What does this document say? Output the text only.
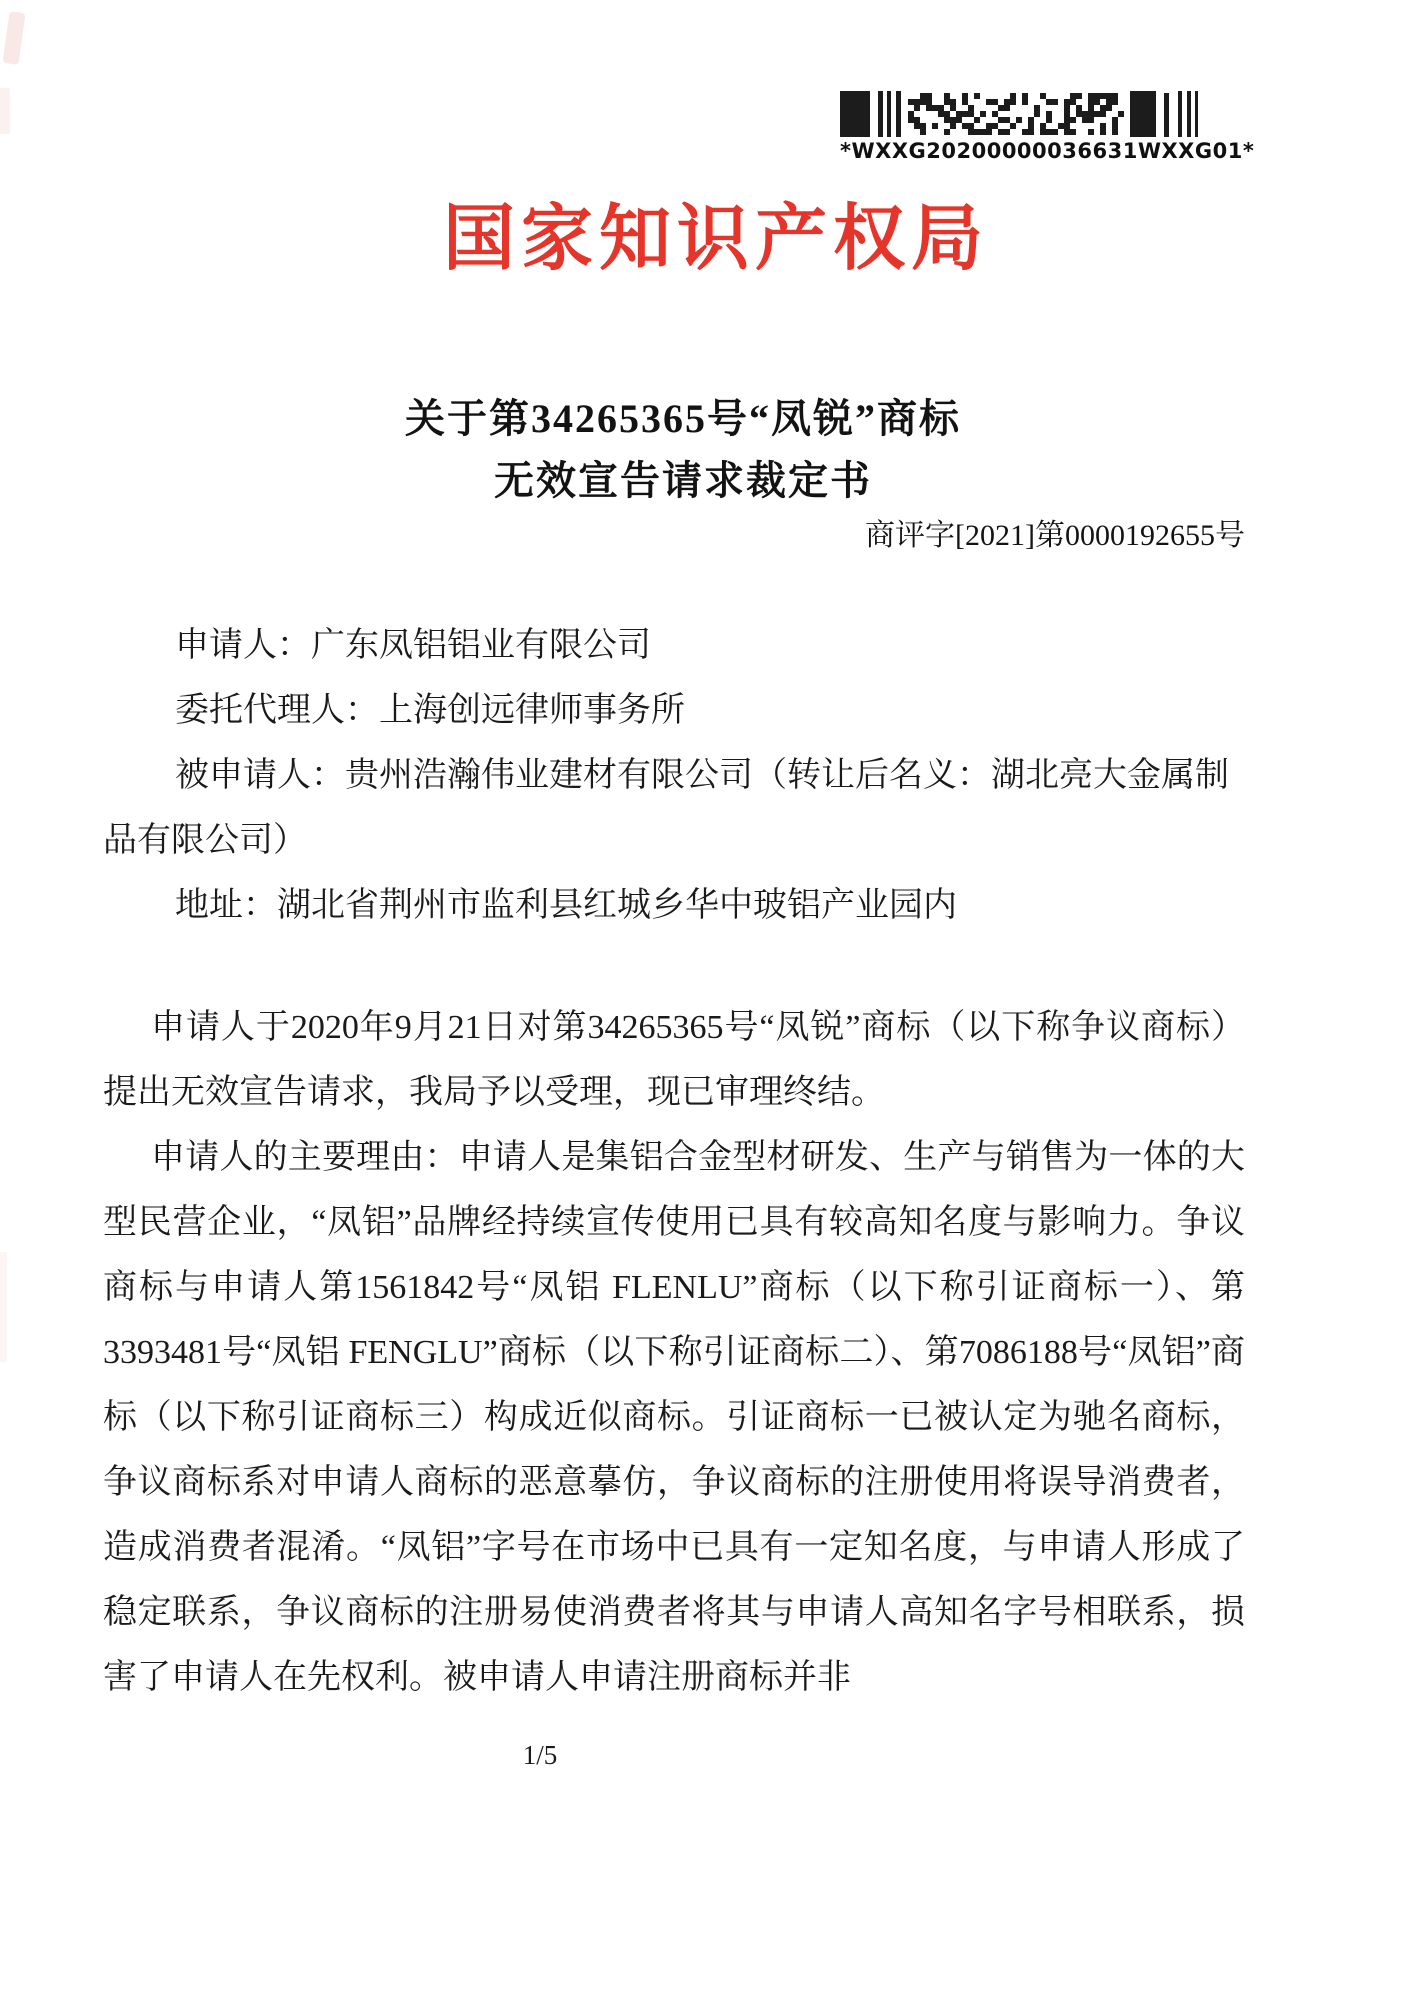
*WXXG20200000036631WXXG01*
国家知识产权局
关于第34265365号“凤锐”商标
无效宣告请求裁定书
商评字[2021]第0000192655号
申请人：广东凤铝铝业有限公司
委托代理人：上海创远律师事务所
被申请人：贵州浩瀚伟业建材有限公司（转让后名义：湖北亮大金属制品有限公司）
地址：湖北省荆州市监利县红城乡华中玻铝产业园内

申请人于2020年9月21日对第34265365号“凤锐”商标（以下称争议商标）提出无效宣告请求，我局予以受理，现已审理终结。

申请人的主要理由：申请人是集铝合金型材研发、生产与销售为一体的大型民营企业，“凤铝”品牌经持续宣传使用已具有较高知名度与影响力。争议商标与申请人第1561842号“凤铝 FLENLU”商标（以下称引证商标一）、第3393481号“凤铝 FENGLU”商标（以下称引证商标二）、第7086188号“凤铝”商标（以下称引证商标三）构成近似商标。引证商标一已被认定为驰名商标，争议商标系对申请人商标的恶意摹仿，争议商标的注册使用将误导消费者，造成消费者混淆。“凤铝”字号在市场中已具有一定知名度，与申请人形成了稳定联系，争议商标的注册易使消费者将其与申请人高知名字号相联系，损害了申请人在先权利。被申请人申请注册商标并非

1/5
